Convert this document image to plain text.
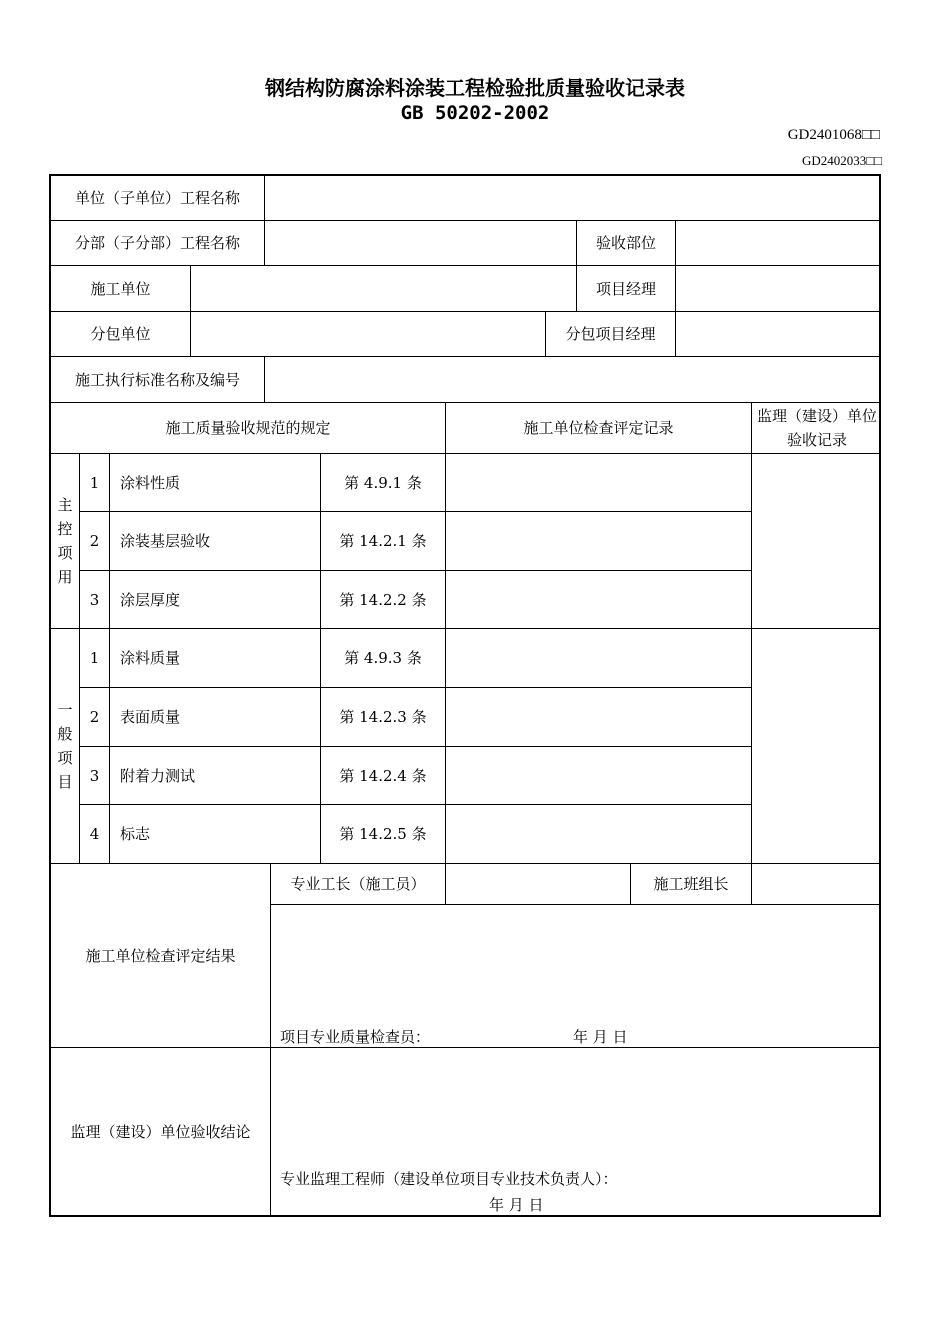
钢结构防腐涂料涂装工程检验批质量验收记录表
GB 50202-2002
GD2401068□□
GD2402033□□
单位（子单位）工程名称
分部（子分部）工程名称	验收部位
施工单位	项目经理
分包单位	分包项目经理
施工执行标准名称及编号
施工质量验收规范的规定	施工单位检查评定记录
监理（建设）单位验收记录
主控项用
1	涂料性质	第 4.9.1 条
2	涂装基层验收	第 14.2.1 条
3	涂层厚度	第 14.2.2 条
一般项目
1	涂料质量	第 4.9.3 条
2	表面质量	第 14.2.3 条
3	附着力测试	第 14.2.4 条
4	标志	第 14.2.5 条
施工单位检查评定结果
专业工长（施工员）	施工班组长
项目专业质量检查员：	年 月 日
监理（建设）单位验收结论
专业监理工程师（建设单位项目专业技术负责人）：
年 月 日
